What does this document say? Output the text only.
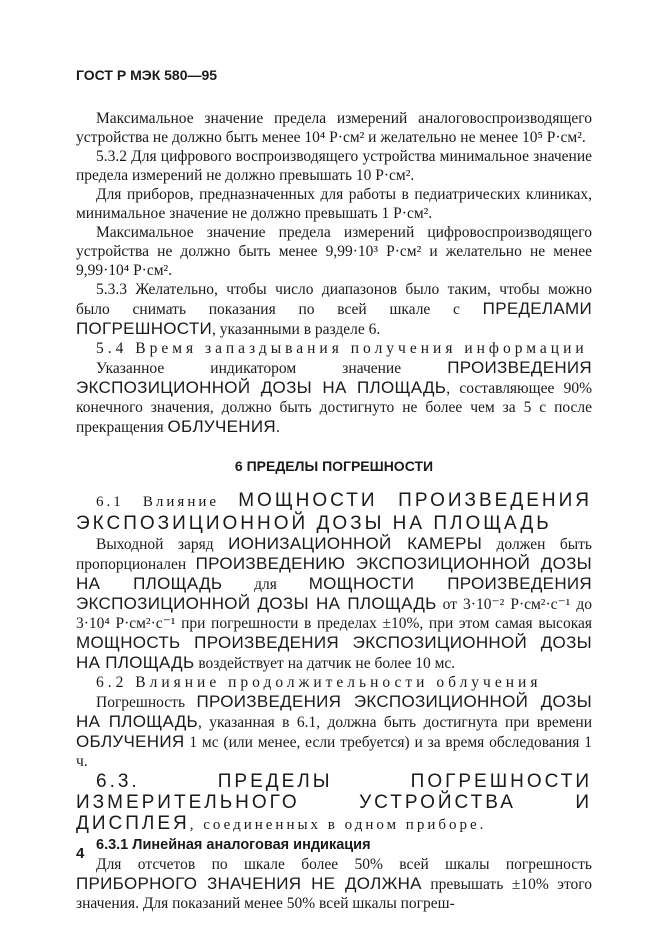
ГОСТ Р МЭК 580—95

Максимальное значение предела измерений аналоговоспроизводящего устройства не должно быть менее 10⁴ Р·см² и желательно не менее 10⁵ Р·см².

5.3.2 Для цифрового воспроизводящего устройства минимальное значение предела измерений не должно превышать 10 Р·см².

Для приборов, предназначенных для работы в педиатрических клиниках, минимальное значение не должно превышать 1 Р·см².

Максимальное значение предела измерений цифровоспроизводящего устройства не должно быть менее 9,99·10³ Р·см² и желательно не менее 9,99·10⁴ Р·см².

5.3.3 Желательно, чтобы число диапазонов было таким, чтобы можно было снимать показания по всей шкале с ПРЕДЕЛАМИ ПОГРЕШНОСТИ, указанными в разделе 6.

5.4 Время запаздывания получения информации

Указанное индикатором значение ПРОИЗВЕДЕНИЯ ЭКСПОЗИЦИОННОЙ ДОЗЫ НА ПЛОЩАДЬ, составляющее 90% конечного значения, должно быть достигнуто не более чем за 5 с после прекращения ОБЛУЧЕНИЯ.

6 ПРЕДЕЛЫ ПОГРЕШНОСТИ

6.1 Влияние МОЩНОСТИ ПРОИЗВЕДЕНИЯ ЭКСПОЗИЦИОННОЙ ДОЗЫ НА ПЛОЩАДЬ

Выходной заряд ИОНИЗАЦИОННОЙ КАМЕРЫ должен быть пропорционален ПРОИЗВЕДЕНИЮ ЭКСПОЗИЦИОННОЙ ДОЗЫ НА ПЛОЩАДЬ для МОЩНОСТИ ПРОИЗВЕДЕНИЯ ЭКСПОЗИЦИОННОЙ ДОЗЫ НА ПЛОЩАДЬ от 3·10⁻² Р·см²·с⁻¹ до 3·10⁴ Р·см²·с⁻¹ при погрешности в пределах ±10%, при этом самая высокая МОЩНОСТЬ ПРОИЗВЕДЕНИЯ ЭКСПОЗИЦИОННОЙ ДОЗЫ НА ПЛОЩАДЬ воздействует на датчик не более 10 мс.

6.2 Влияние продолжительности облучения

Погрешность ПРОИЗВЕДЕНИЯ ЭКСПОЗИЦИОННОЙ ДОЗЫ НА ПЛОЩАДЬ, указанная в 6.1, должна быть достигнута при времени ОБЛУЧЕНИЯ 1 мс (или менее, если требуется) и за время обследования 1 ч.

6.3. ПРЕДЕЛЫ ПОГРЕШНОСТИ ИЗМЕРИТЕЛЬНОГО УСТРОЙСТВА И ДИСПЛЕЯ, соединенных в одном приборе.

6.3.1 Линейная аналоговая индикация

Для отсчетов по шкале более 50% всей шкалы погрешность ПРИБОРНОГО ЗНАЧЕНИЯ НЕ ДОЛЖНА превышать ±10% этого значения. Для показаний менее 50% всей шкалы погреш-

4
